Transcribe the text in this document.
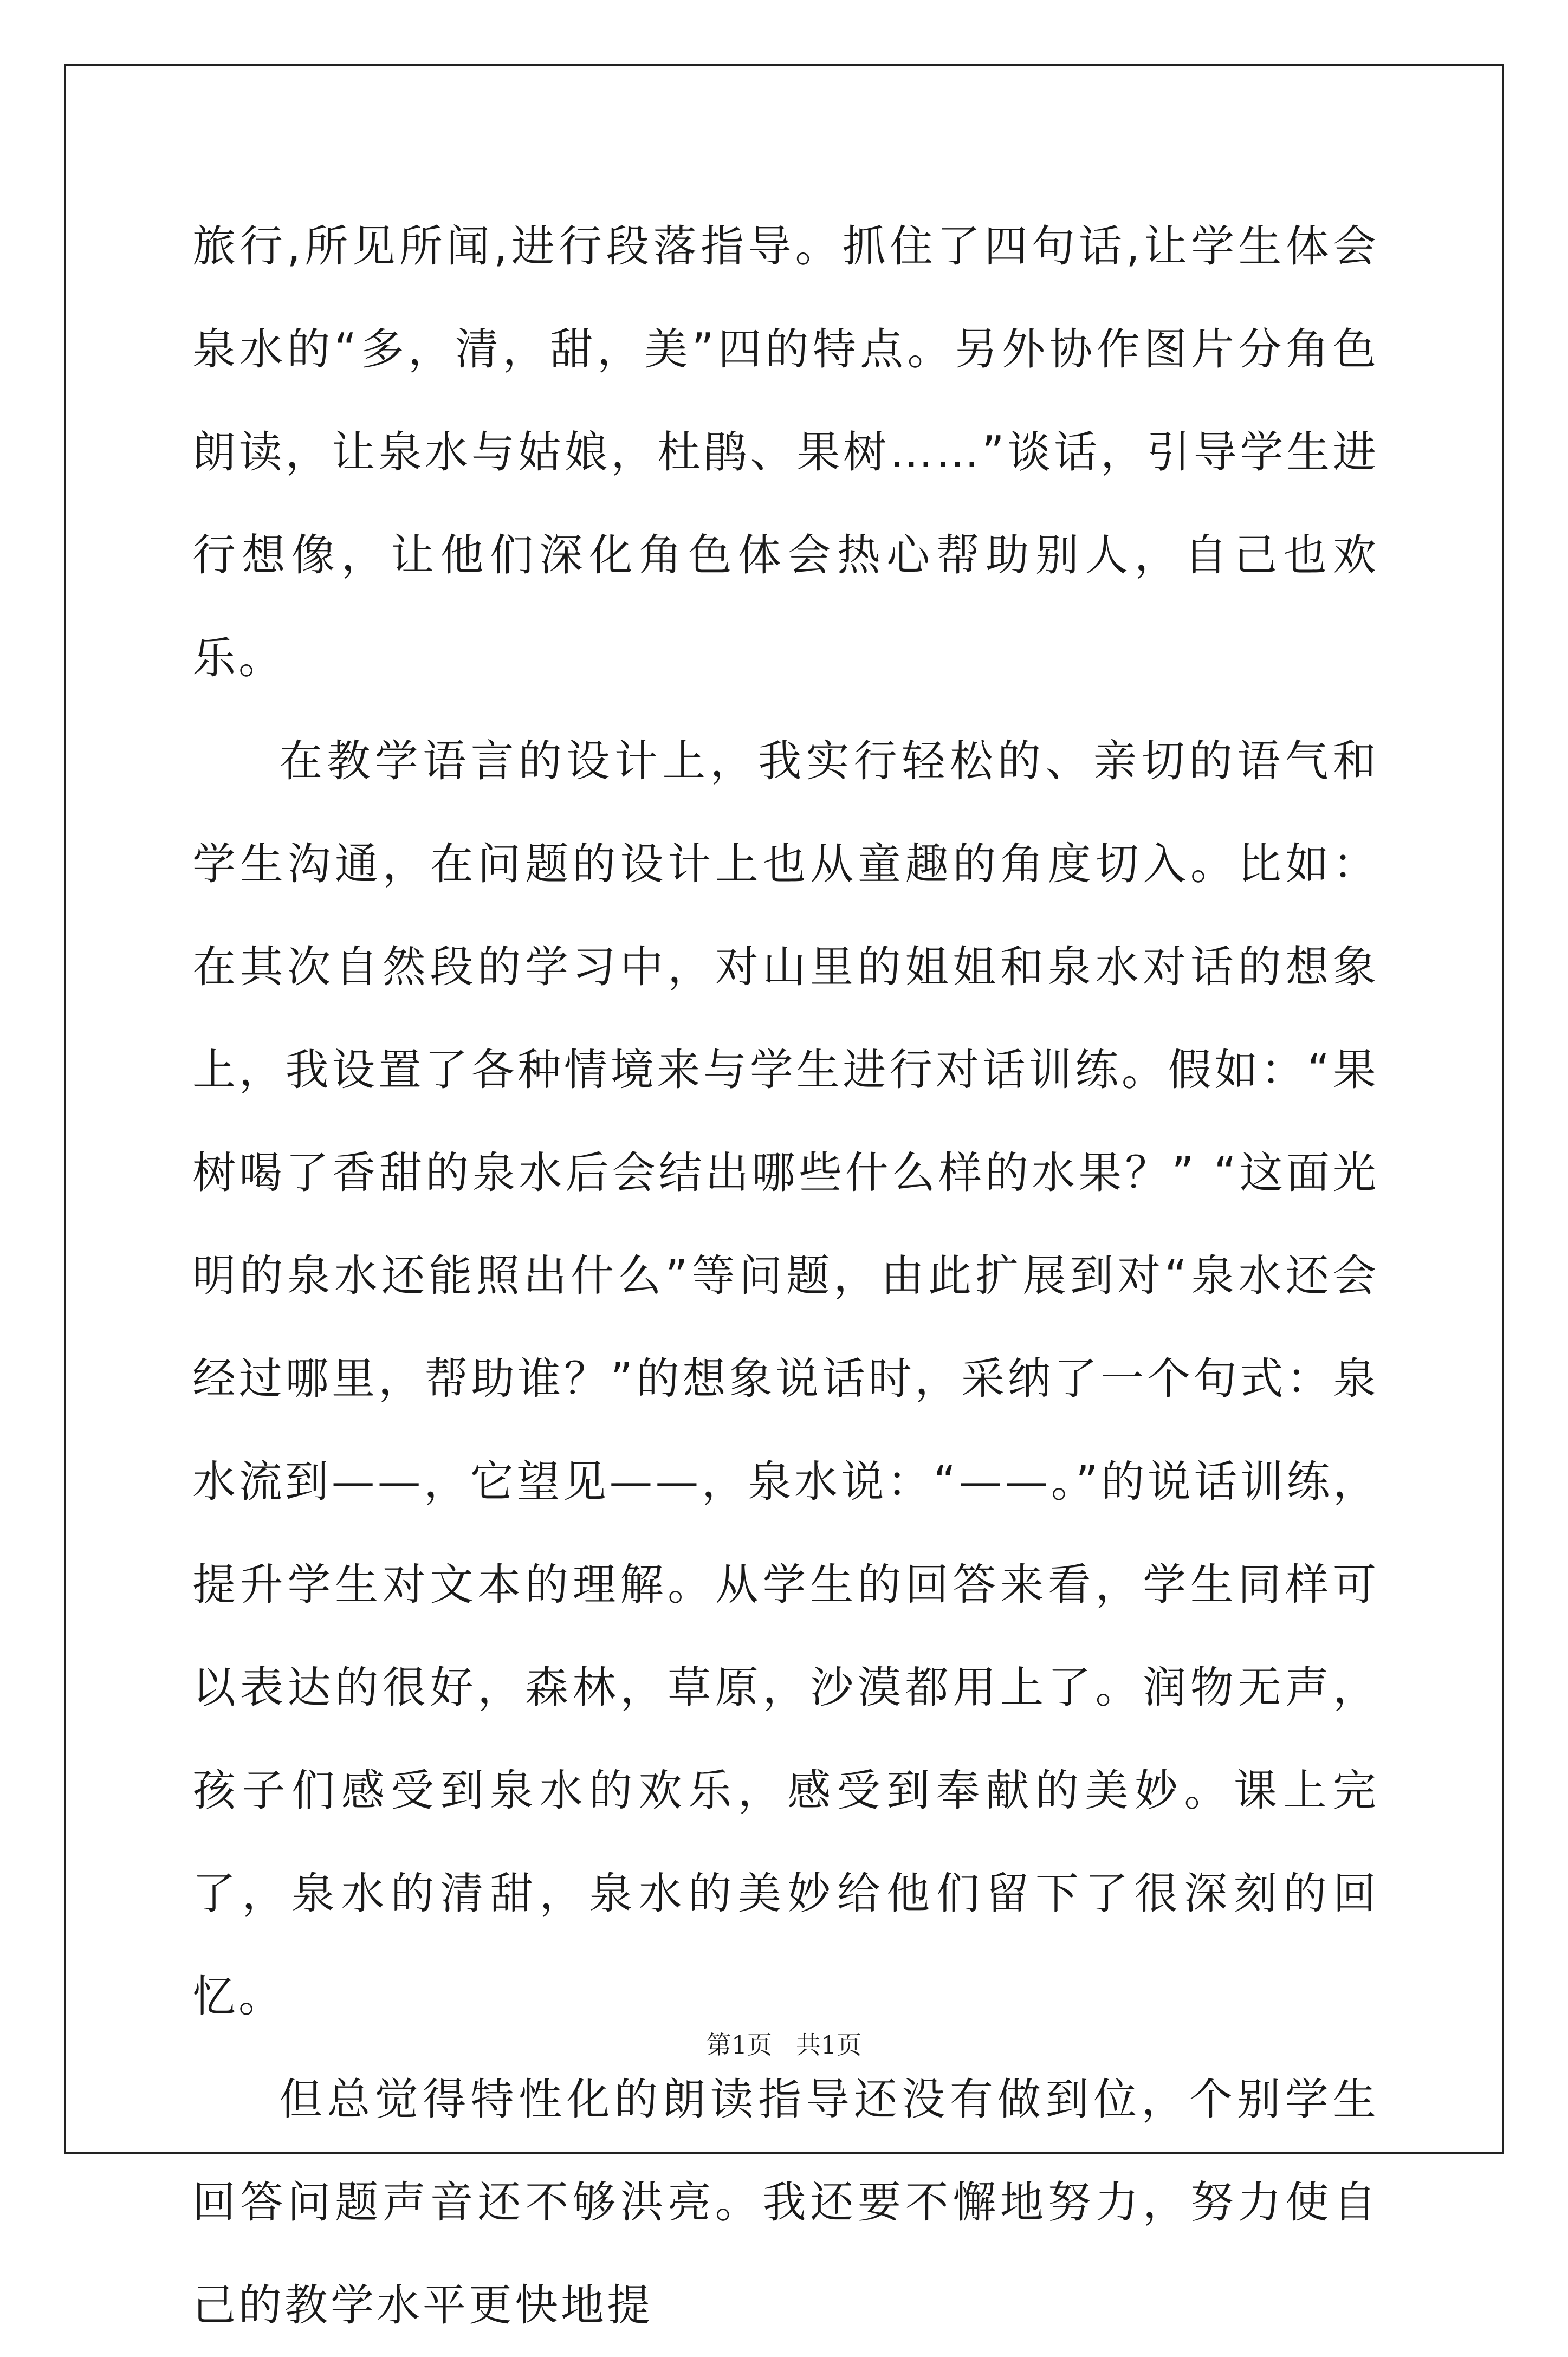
旅行,所见所闻,进行段落指导。抓住了四句话,让学生体会泉水的“多，清，甜，美”四的特点。另外协作图片分角色朗读，让泉水与姑娘，杜鹃、果树……”谈话，引导学生进行想像，让他们深化角色体会热心帮助别人，自己也欢乐。

在教学语言的设计上，我实行轻松的、亲切的语气和学生沟通，在问题的设计上也从童趣的角度切入。比如：在其次自然段的学习中，对山里的姐姐和泉水对话的想象上，我设置了各种情境来与学生进行对话训练。假如：“果树喝了香甜的泉水后会结出哪些什么样的水果？” “这面光明的泉水还能照出什么”等问题，由此扩展到对“泉水还会经过哪里，帮助谁？”的想象说话时，采纳了一个句式：泉水流到——，它望见——，泉水说：“——。”的说话训练，提升学生对文本的理解。从学生的回答来看，学生同样可以表达的很好，森林，草原，沙漠都用上了。润物无声，孩子们感受到泉水的欢乐，感受到奉献的美妙。课上完了，泉水的清甜，泉水的美妙给他们留下了很深刻的回忆。

但总觉得特性化的朗读指导还没有做到位，个别学生回答问题声音还不够洪亮。我还要不懈地努力，努力使自己的教学水平更快地提

第1页 共1页
